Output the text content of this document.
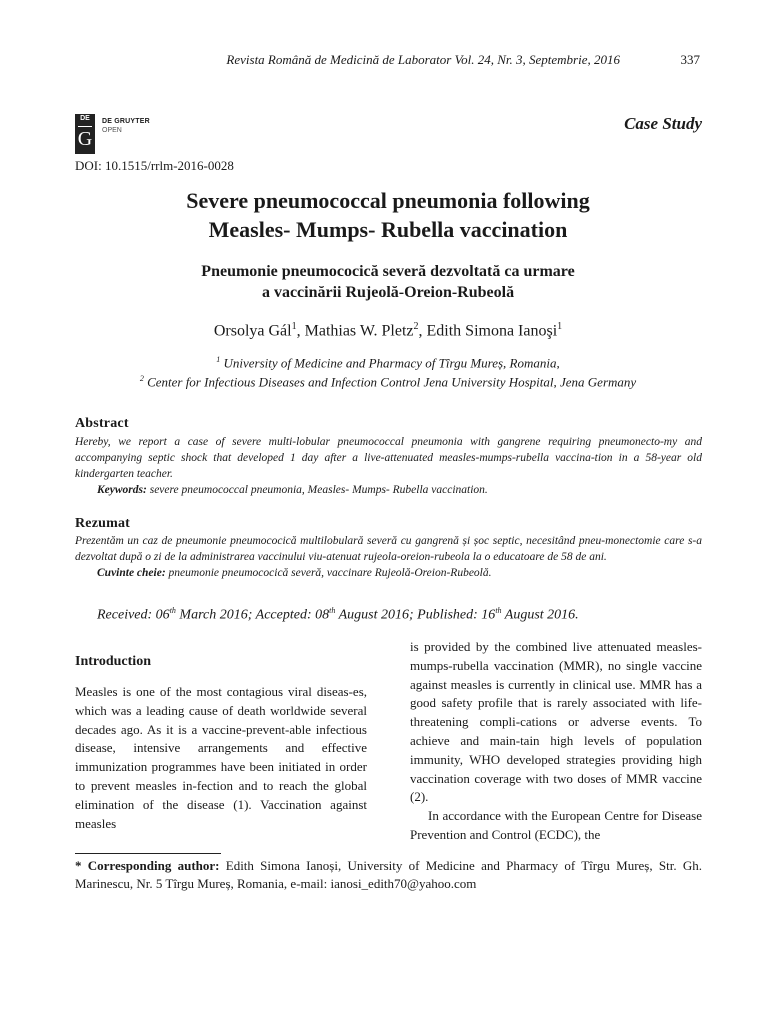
Revista Română de Medicină de Laborator Vol. 24, Nr. 3, Septembrie, 2016	337
DE
G
DE GRUYTER
OPEN	Case Study
DOI: 10.1515/rrlm-2016-0028
Severe pneumococcal pneumonia following
Measles- Mumps- Rubella vaccination
Pneumonie pneumococică severă dezvoltată ca urmare
a vaccinării Rujeolă-Oreion-Rubeolă
Orsolya Gál$^1$, Mathias W. Pletz$^2$, Edith Simona Ianoşi$^1$
$^1$ University of Medicine and Pharmacy of Tîrgu Mureș, Romania,
$^2$ Center for Infectious Diseases and Infection Control Jena University Hospital, Jena Germany
Abstract
Hereby, we report a case of severe multi-lobular pneumococcal pneumonia with gangrene requiring pneumonecto-my and accompanying septic shock that developed 1 day after a live-attenuated measles-mumps-rubella vaccina-tion in a 58-year old kindergarten teacher.
Keywords: severe pneumococcal pneumonia, Measles- Mumps- Rubella vaccination.
Rezumat
Prezentăm un caz de pneumonie pneumococică multilobulară severă cu gangrenă și șoc septic, necesitând pneu-monectomie care s-a dezvoltat după o zi de la administrarea vaccinului viu-atenuat rujeola-oreion-rubeola la o educatoare de 58 de ani.
Cuvinte cheie: pneumonie pneumococică severă, vaccinare Rujeolă-Oreion-Rubeolă.
Received: 06th March 2016; Accepted: 08th August 2016; Published: 16th August 2016.
Introduction

Measles is one of the most contagious viral diseas-es, which was a leading cause of death worldwide several decades ago. As it is a vaccine-prevent-able infectious disease, intensive arrangements and effective immunization programmes have been initiated in order to prevent measles in-fection and to reach the global elimination of the disease (1). Vaccination against measles

is provided by the combined live attenuated measles-mumps-rubella vaccination (MMR), no single vaccine against measles is currently in clinical use. MMR has a good safety profile that is rarely associated with life-threatening compli-cations or adverse events. To achieve and main-tain high levels of population immunity, WHO developed strategies providing high vaccination coverage with two doses of MMR vaccine (2).

In accordance with the European Centre for Disease Prevention and Control (ECDC), the

* Corresponding author: Edith Simona Ianoși, University of Medicine and Pharmacy of Tîrgu Mureș, Str. Gh. Marinescu, Nr. 5 Tîrgu Mureș, Romania, e-mail: ianosi_edith70@yahoo.com
